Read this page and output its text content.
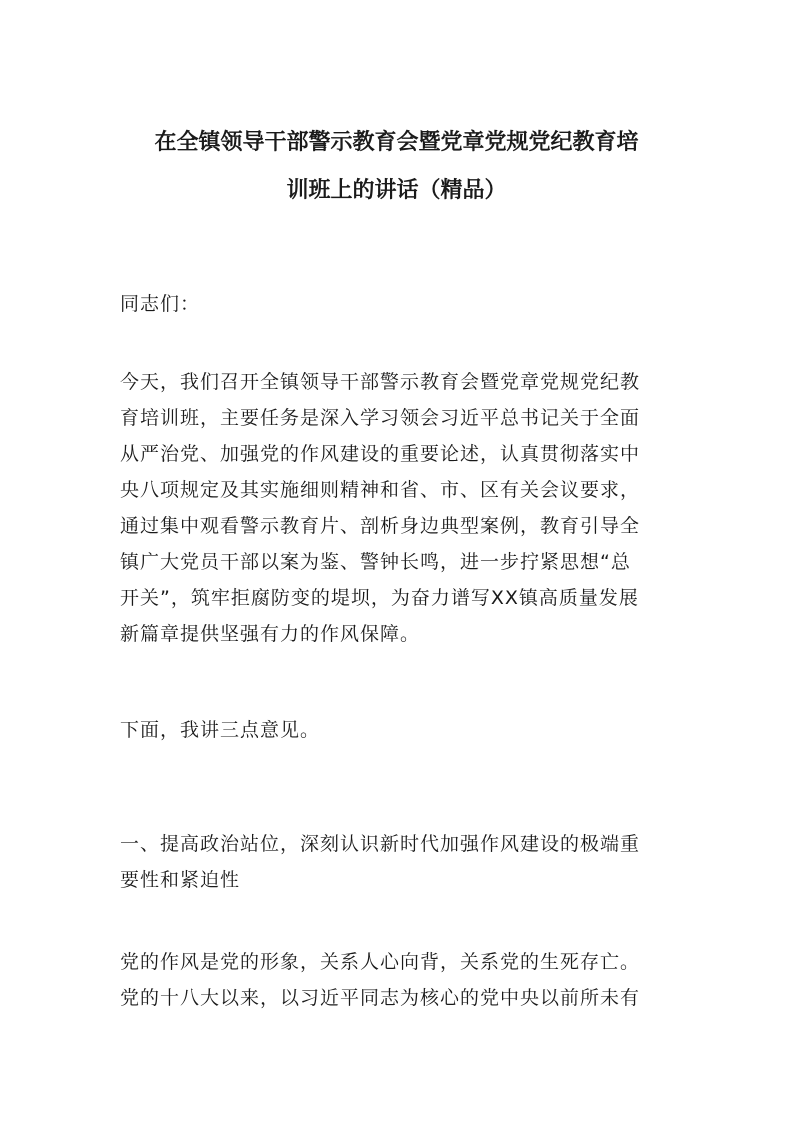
在全镇领导干部警示教育会暨党章党规党纪教育培
训班上的讲话（精品）

同志们：

今天，我们召开全镇领导干部警示教育会暨党章党规党纪教
育培训班，主要任务是深入学习领会习近平总书记关于全面
从严治党、加强党的作风建设的重要论述，认真贯彻落实中
央八项规定及其实施细则精神和省、市、区有关会议要求，
通过集中观看警示教育片、剖析身边典型案例，教育引导全
镇广大党员干部以案为鉴、警钟长鸣，进一步拧紧思想“总
开关”，筑牢拒腐防变的堤坝，为奋力谱写XX镇高质量发展
新篇章提供坚强有力的作风保障。

下面，我讲三点意见。

一、提高政治站位，深刻认识新时代加强作风建设的极端重
要性和紧迫性

党的作风是党的形象，关系人心向背，关系党的生死存亡。
党的十八大以来，以习近平同志为核心的党中央以前所未有
